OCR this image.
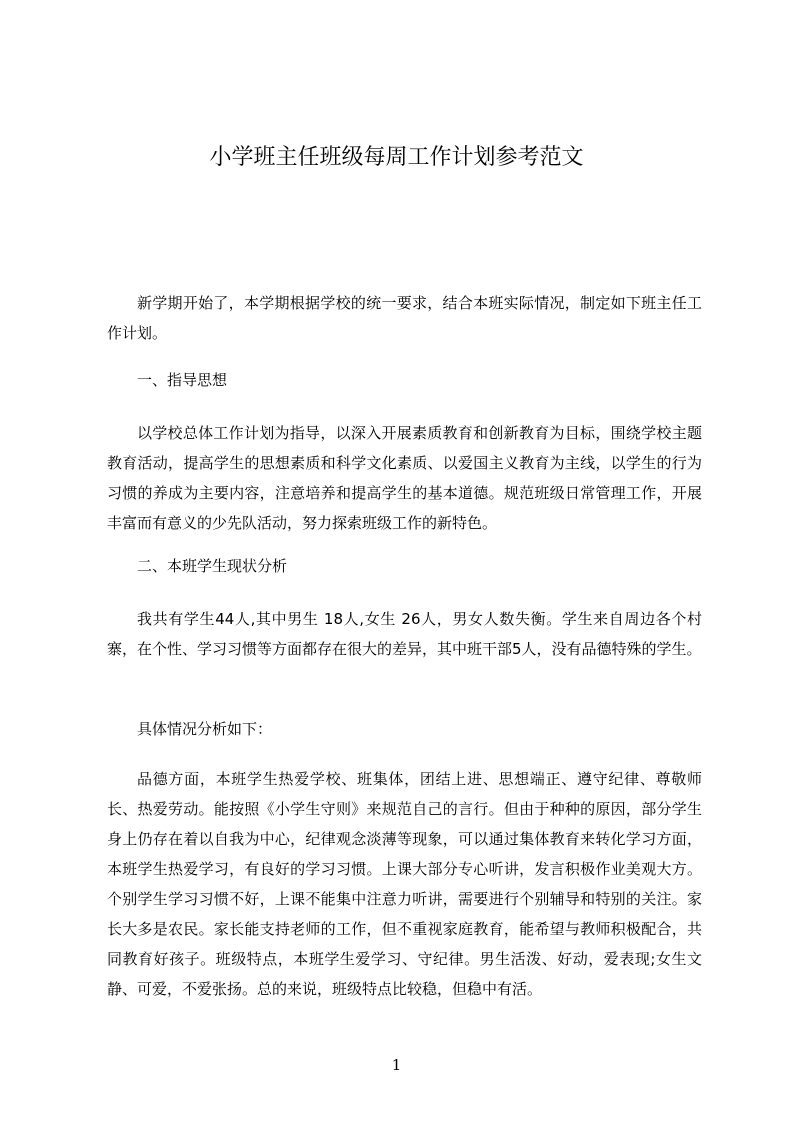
小学班主任班级每周工作计划参考范文

新学期开始了，本学期根据学校的统一要求，结合本班实际情况，制定如下班主任工作计划。

一、指导思想

以学校总体工作计划为指导，以深入开展素质教育和创新教育为目标，围绕学校主题教育活动，提高学生的思想素质和科学文化素质、以爱国主义教育为主线，以学生的行为习惯的养成为主要内容，注意培养和提高学生的基本道德。规范班级日常管理工作，开展丰富而有意义的少先队活动，努力探索班级工作的新特色。

二、本班学生现状分析

我共有学生44人,其中男生 18人,女生 26人，男女人数失衡。学生来自周边各个村寨，在个性、学习习惯等方面都存在很大的差异，其中班干部5人，没有品德特殊的学生。

具体情况分析如下：

品德方面，本班学生热爱学校、班集体，团结上进、思想端正、遵守纪律、尊敬师长、热爱劳动。能按照《小学生守则》来规范自己的言行。但由于种种的原因，部分学生身上仍存在着以自我为中心，纪律观念淡薄等现象，可以通过集体教育来转化学习方面，本班学生热爱学习，有良好的学习习惯。上课大部分专心听讲，发言积极作业美观大方。个别学生学习习惯不好，上课不能集中注意力听讲，需要进行个别辅导和特别的关注。家长大多是农民。家长能支持老师的工作，但不重视家庭教育，能希望与教师积极配合，共同教育好孩子。班级特点，本班学生爱学习、守纪律。男生活泼、好动，爱表现;女生文静、可爱，不爱张扬。总的来说，班级特点比较稳，但稳中有活。

1
